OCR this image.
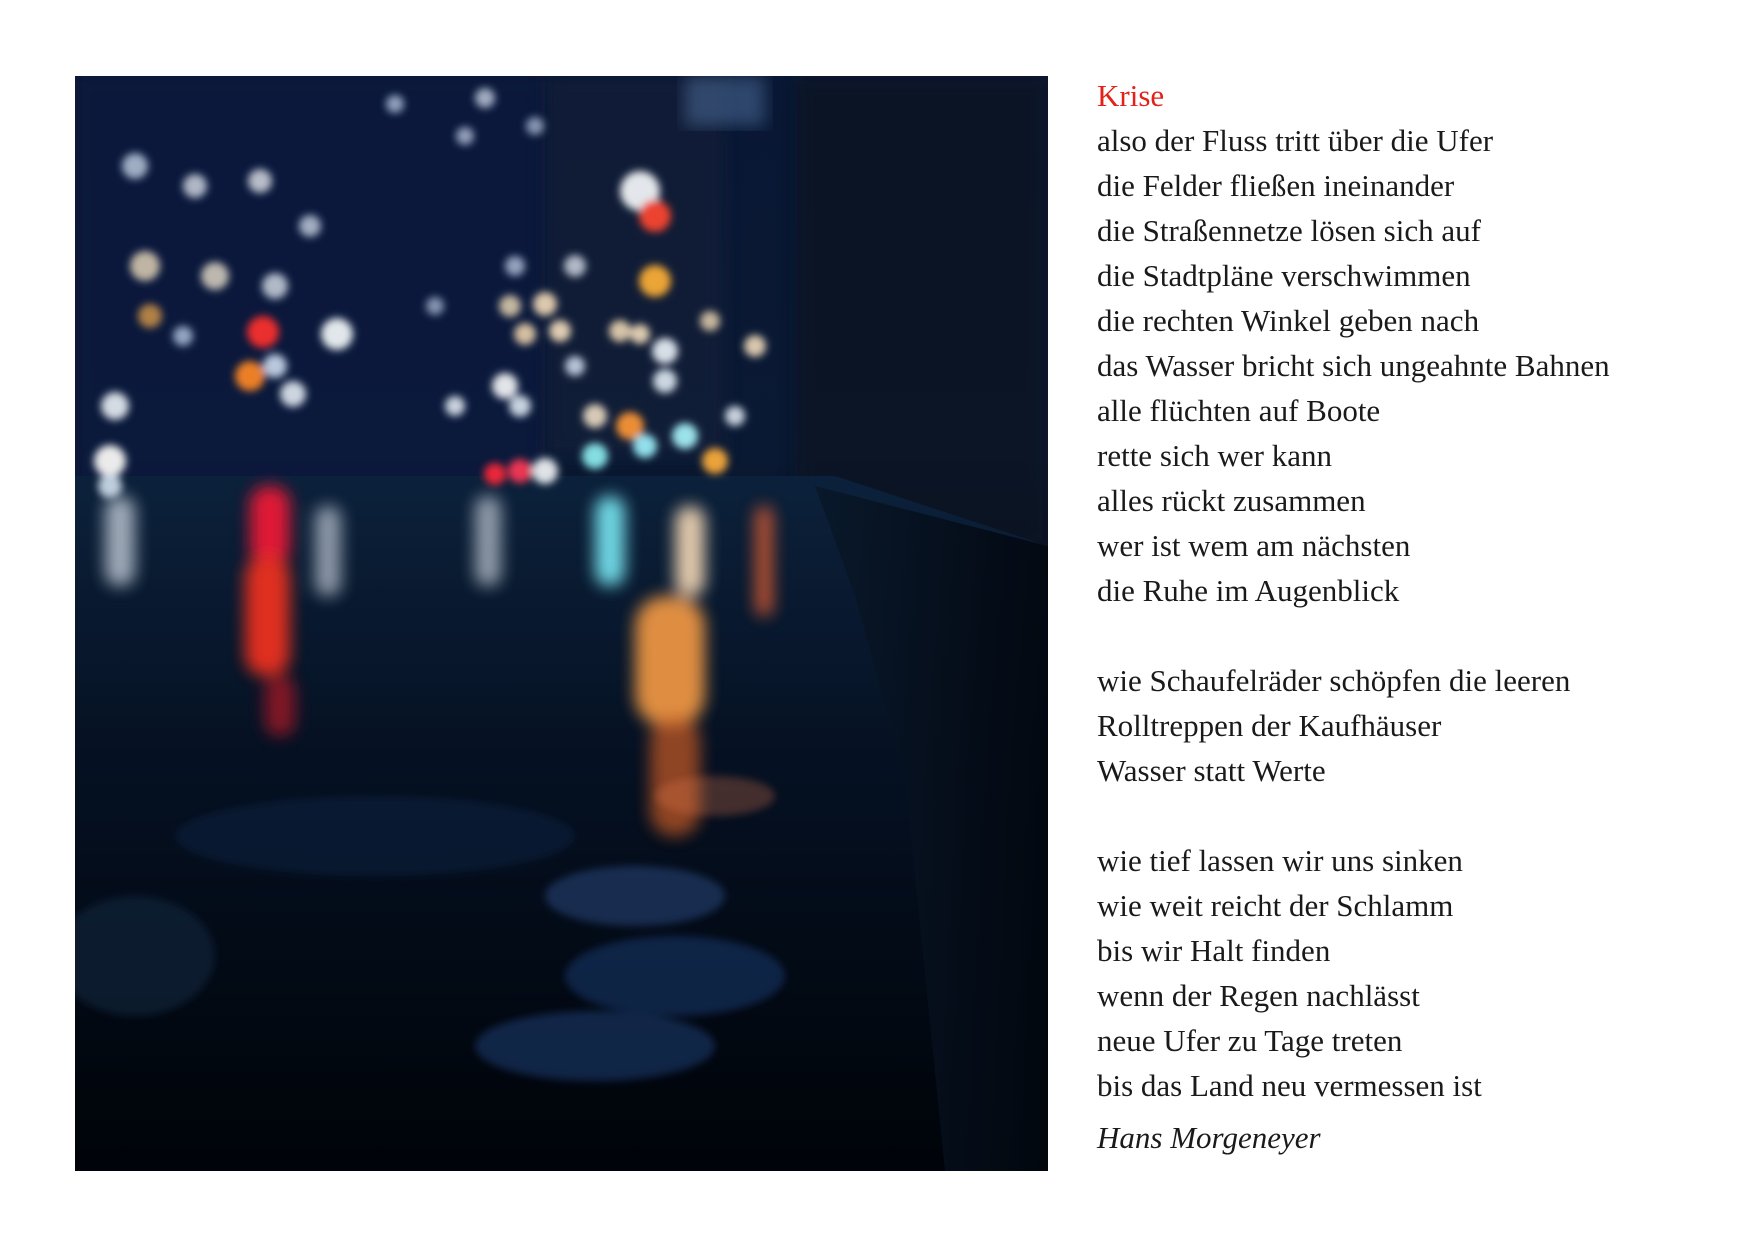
Krise
also der Fluss tritt über die Ufer
die Felder fließen ineinander
die Straßennetze lösen sich auf
die Stadtpläne verschwimmen
die rechten Winkel geben nach
das Wasser bricht sich ungeahnte Bahnen
alle flüchten auf Boote
rette sich wer kann
alles rückt zusammen
wer ist wem am nächsten
die Ruhe im Augenblick
wie Schaufelräder schöpfen die leeren
Rolltreppen der Kaufhäuser
Wasser statt Werte
wie tief lassen wir uns sinken
wie weit reicht der Schlamm
bis wir Halt finden
wenn der Regen nachlässt
neue Ufer zu Tage treten
bis das Land neu vermessen ist
Hans Morgeneyer
